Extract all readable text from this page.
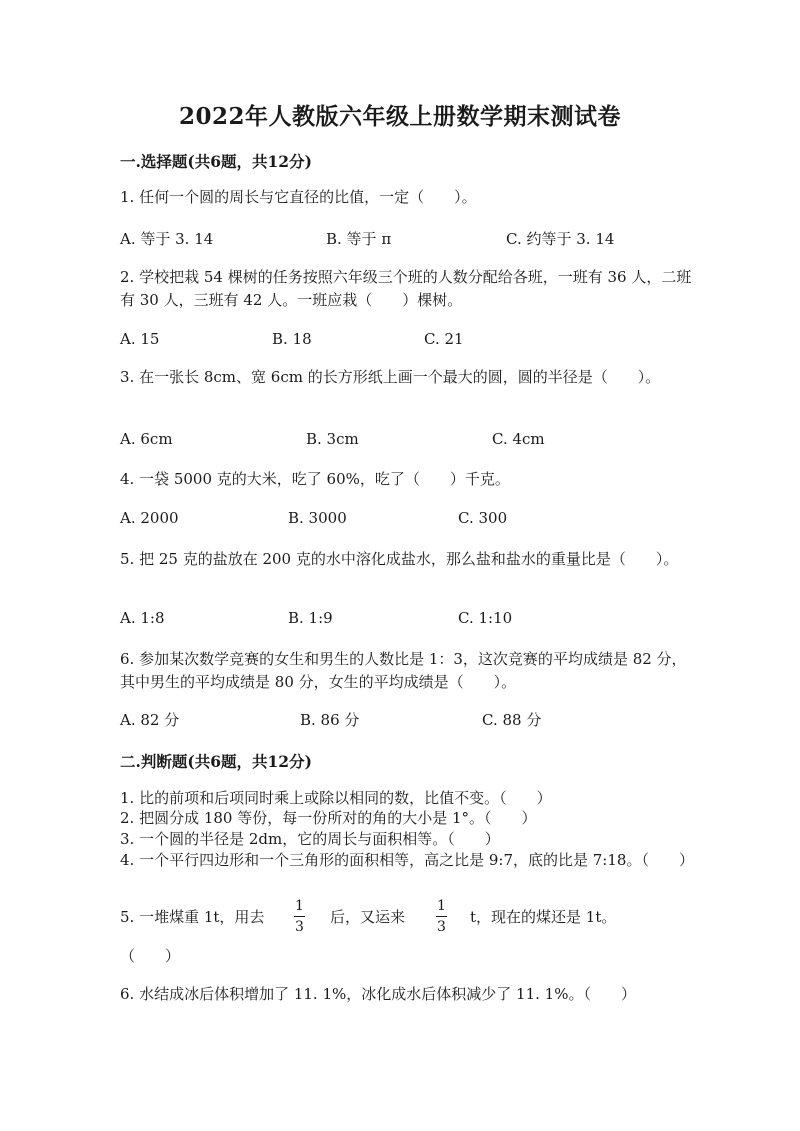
2022年人教版六年级上册数学期末测试卷
一.选择题(共6题，共12分)
1. 任何一个圆的周长与它直径的比值，一定（　　）。
A. 等于 3. 14	B. 等于 π	C. 约等于 3. 14
2. 学校把栽 54 棵树的任务按照六年级三个班的人数分配给各班，一班有 36 人，二班有 30 人，三班有 42 人。一班应栽（　　）棵树。
A. 15	B. 18	C. 21
3. 在一张长 8cm、宽 6cm 的长方形纸上画一个最大的圆，圆的半径是（　　）。
A. 6cm	B. 3cm	C. 4cm
4. 一袋 5000 克的大米，吃了 60%，吃了（　　）千克。
A. 2000	B. 3000	C. 300
5. 把 25 克的盐放在 200 克的水中溶化成盐水，那么盐和盐水的重量比是（　　）。
A. 1:8	B. 1:9	C. 1:10
6. 参加某次数学竞赛的女生和男生的人数比是 1：3，这次竞赛的平均成绩是 82 分，其中男生的平均成绩是 80 分，女生的平均成绩是（　　）。
A. 82 分	B. 86 分	C. 88 分
二.判断题(共6题，共12分)
1. 比的前项和后项同时乘上或除以相同的数，比值不变。（　　）
2. 把圆分成 180 等份，每一份所对的角的大小是 1°。（　　）
3. 一个圆的半径是 2dm，它的周长与面积相等。（　　）
4. 一个平行四边形和一个三角形的面积相等，高之比是 9:7，底的比是 7:18。（　　）
5. 一堆煤重 1t，用去
1
3
后，又运来
1
3
t，现在的煤还是 1t。
（　　）
6. 水结成冰后体积增加了 11. 1%，冰化成水后体积减少了 11. 1%。（　　）
